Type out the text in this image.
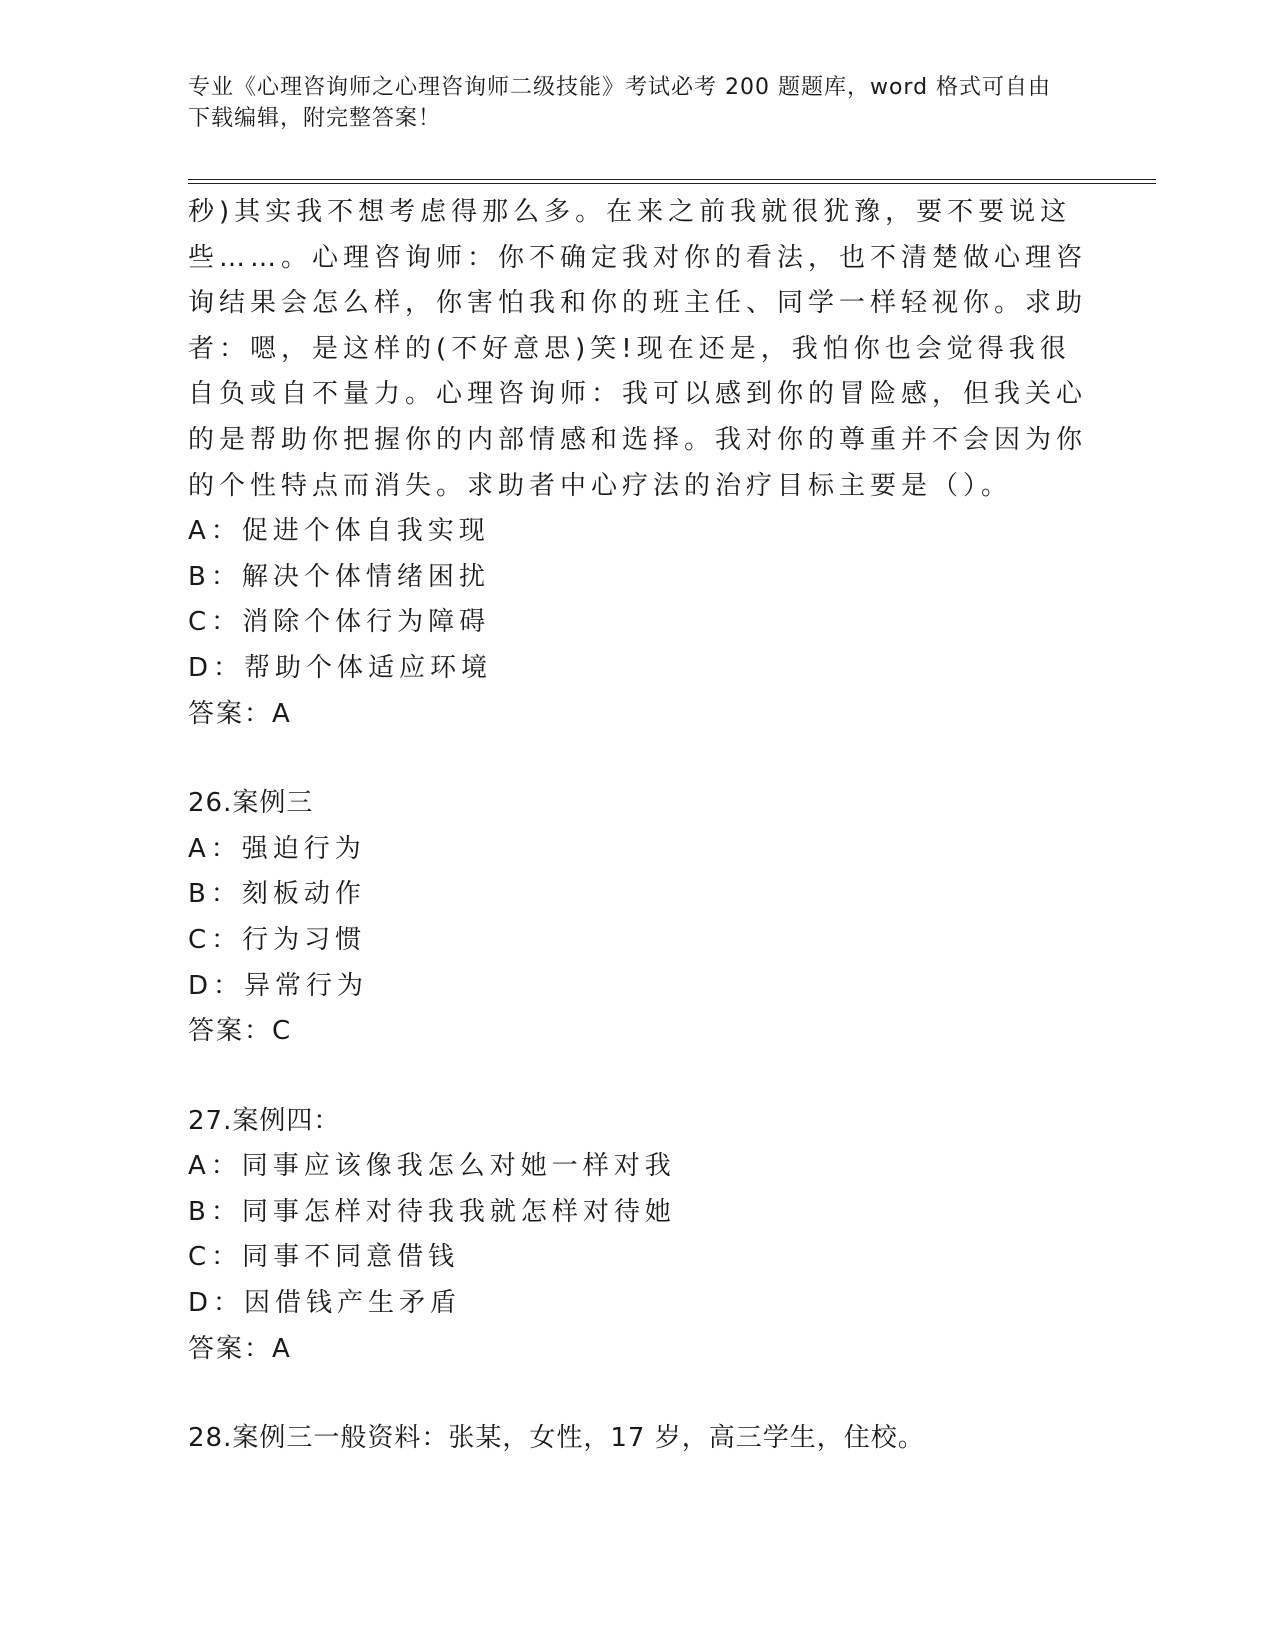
专业《心理咨询师之心理咨询师二级技能》考试必考 200 题题库，word 格式可自由下载编辑，附完整答案！

秒)其实我不想考虑得那么多。在来之前我就很犹豫，要不要说这些……。心理咨询师：你不确定我对你的看法，也不清楚做心理咨询结果会怎么样，你害怕我和你的班主任、同学一样轻视你。求助者：嗯，是这样的(不好意思)笑!现在还是，我怕你也会觉得我很自负或自不量力。心理咨询师：我可以感到你的冒险感，但我关心的是帮助你把握你的内部情感和选择。我对你的尊重并不会因为你的个性特点而消失。求助者中心疗法的治疗目标主要是（）。

A：促进个体自我实现

B：解决个体情绪困扰

C：消除个体行为障碍

D：帮助个体适应环境

答案：A

26.案例三

A：强迫行为

B：刻板动作

C：行为习惯

D：异常行为

答案：C

27.案例四：

A：同事应该像我怎么对她一样对我

B：同事怎样对待我我就怎样对待她

C：同事不同意借钱

D：因借钱产生矛盾

答案：A

28.案例三一般资料：张某，女性，17 岁，高三学生，住校。
